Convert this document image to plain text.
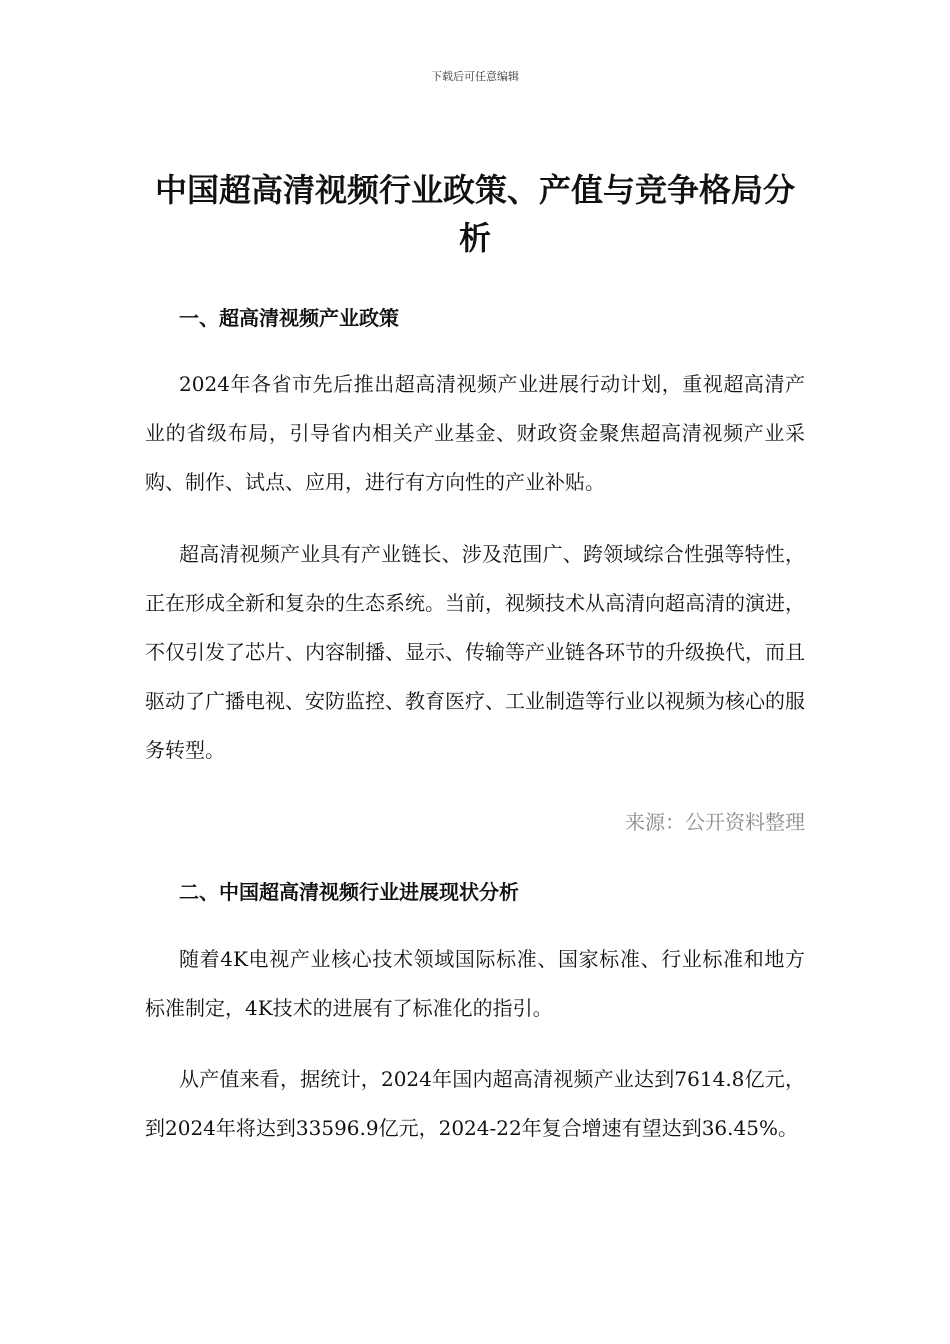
下载后可任意编辑
中国超高清视频行业政策、产值与竞争格局分析
一、超高清视频产业政策

2024年各省市先后推出超高清视频产业进展行动计划，重视超高清产业的省级布局，引导省内相关产业基金、财政资金聚焦超高清视频产业采购、制作、试点、应用，进行有方向性的产业补贴。

超高清视频产业具有产业链长、涉及范围广、跨领域综合性强等特性，正在形成全新和复杂的生态系统。当前，视频技术从高清向超高清的演进，不仅引发了芯片、内容制播、显示、传输等产业链各环节的升级换代，而且驱动了广播电视、安防监控、教育医疗、工业制造等行业以视频为核心的服务转型。

来源：公开资料整理

二、中国超高清视频行业进展现状分析

随着4K电视产业核心技术领域国际标准、国家标准、行业标准和地方标准制定，4K技术的进展有了标准化的指引。

从产值来看，据统计，2024年国内超高清视频产业达到7614.8亿元，到2024年将达到33596.9亿元，2024-22年复合增速有望达到36.45%。
